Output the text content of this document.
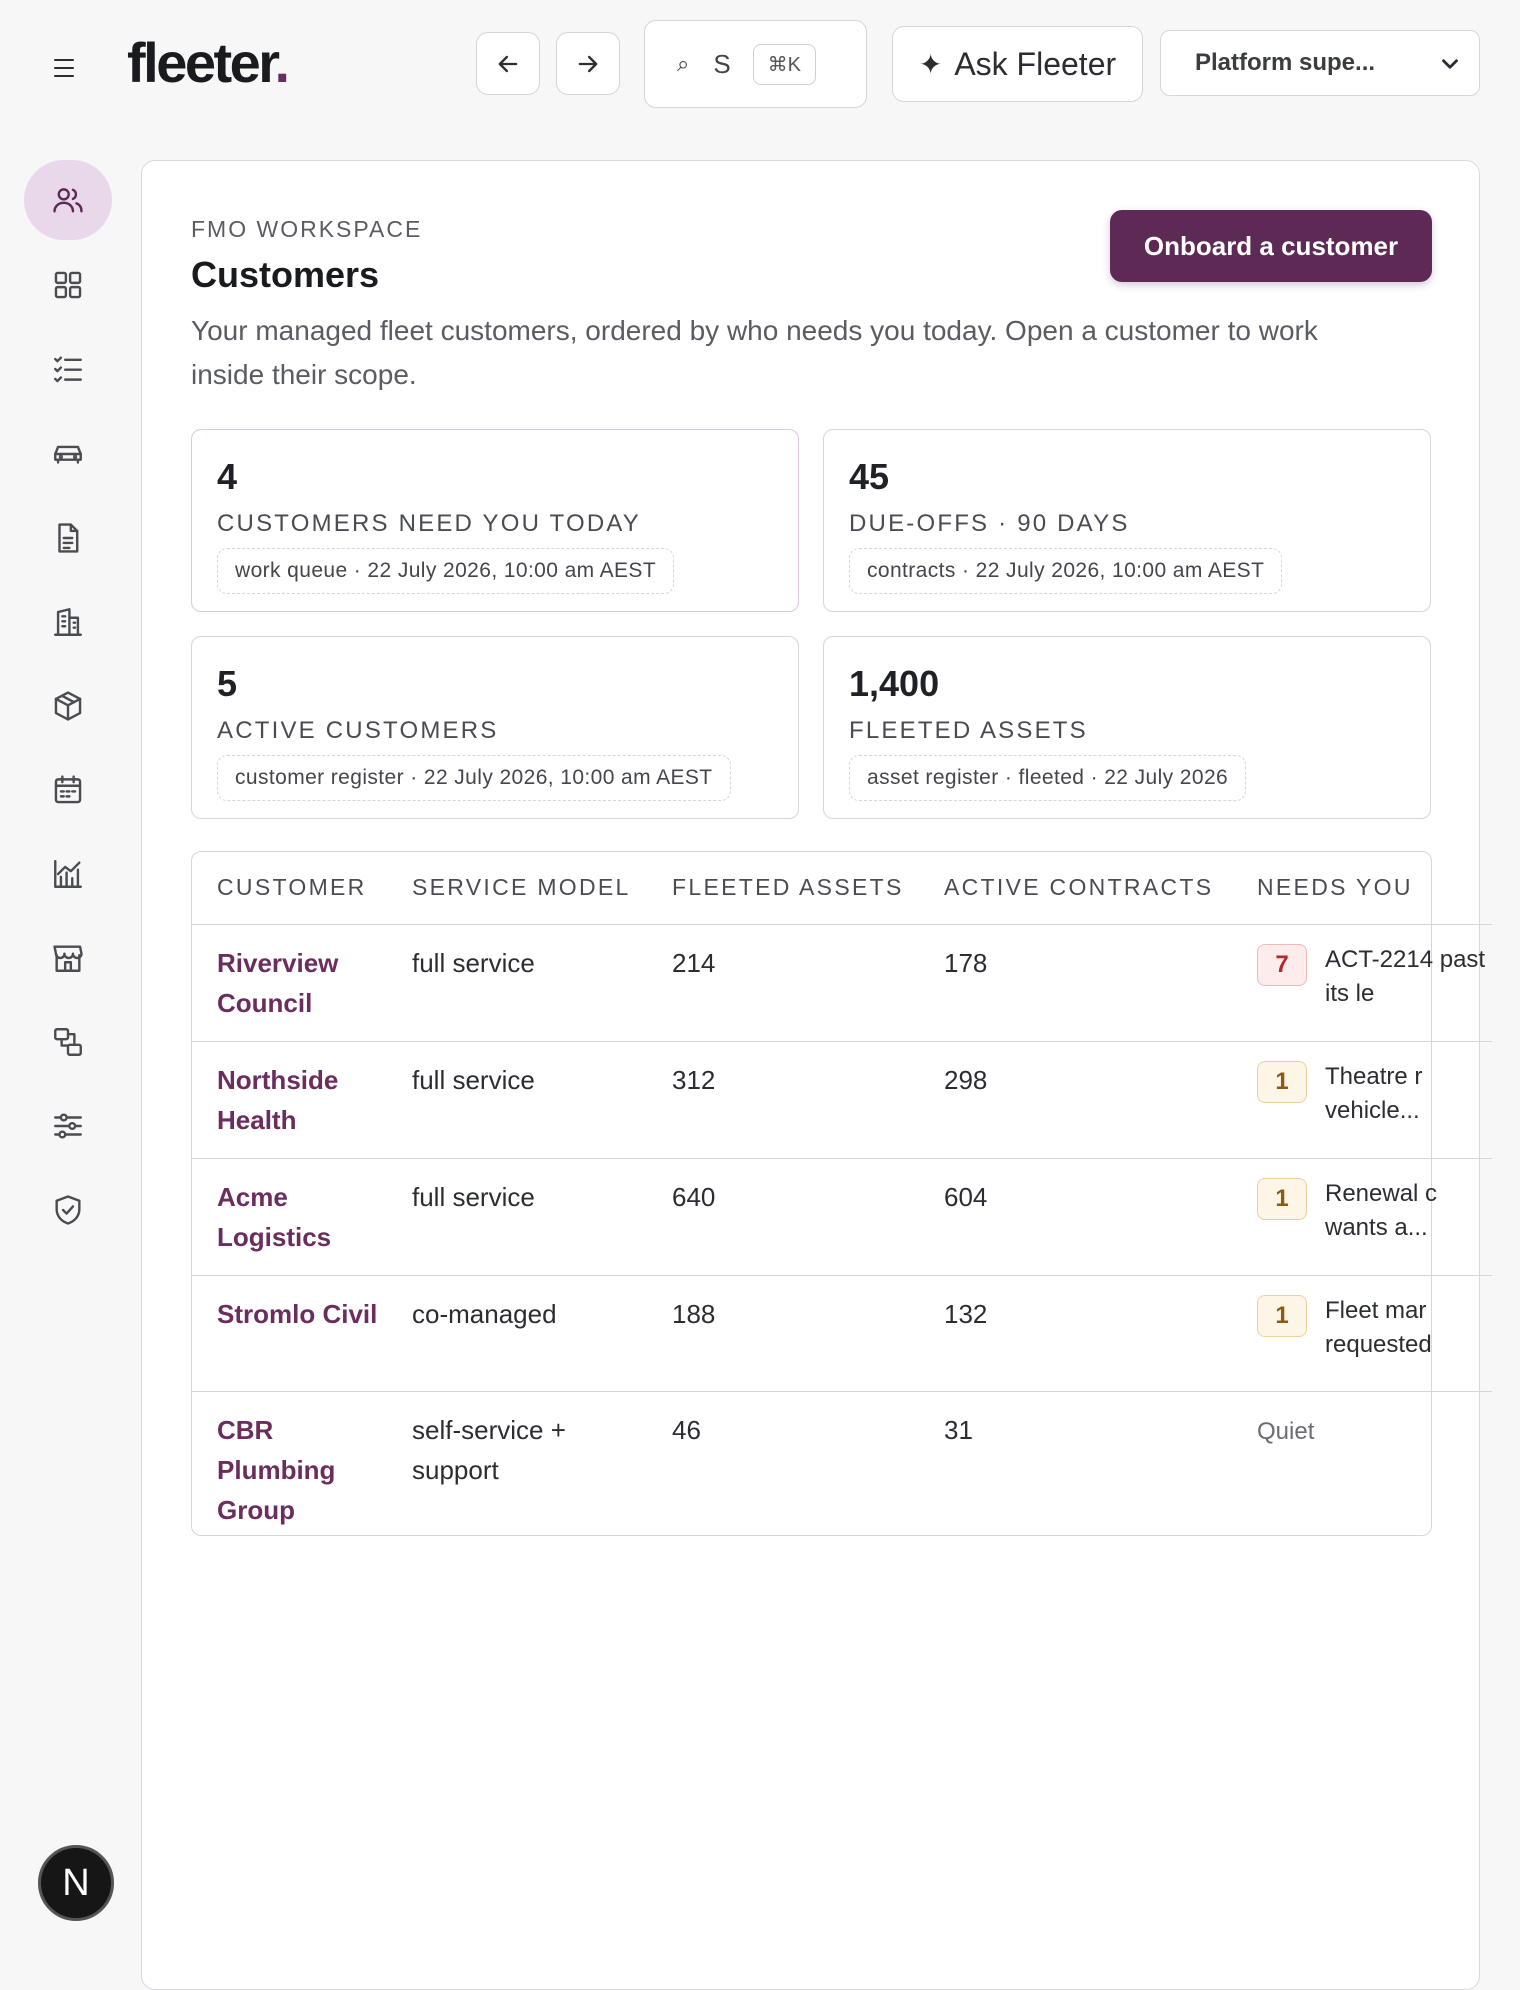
fleeter.	⌕ S	⌘K	✦ Ask Fleeter	Platform supe...
N
FMO WORKSPACE
Customers
Your managed fleet customers, ordered by who needs you today. Open a customer to work inside their scope.
Onboard a customer
4
CUSTOMERS NEED YOU TODAY
work queue · 22 July 2026, 10:00 am AEST
45
DUE-OFFS · 90 DAYS
contracts · 22 July 2026, 10:00 am AEST
5
ACTIVE CUSTOMERS
customer register · 22 July 2026, 10:00 am AEST
1,400
FLEETED ASSETS
asset register · fleeted · 22 July 2026
CUSTOMER	SERVICE MODEL	FLEETED ASSETS	ACTIVE CONTRACTS	NEEDS YOU
Riverview Council	full service	214	178	7 ACT-2214 past its le

Northside Health	full service	312	298	1 Theatre r vehicle...

Acme Logistics	full service	640	604	1 Renewal c wants a...

Stromlo Civil	co-managed	188	132	1 Fleet mar requested

CBR Plumbing Group	self-service + support	46	31	Quiet
